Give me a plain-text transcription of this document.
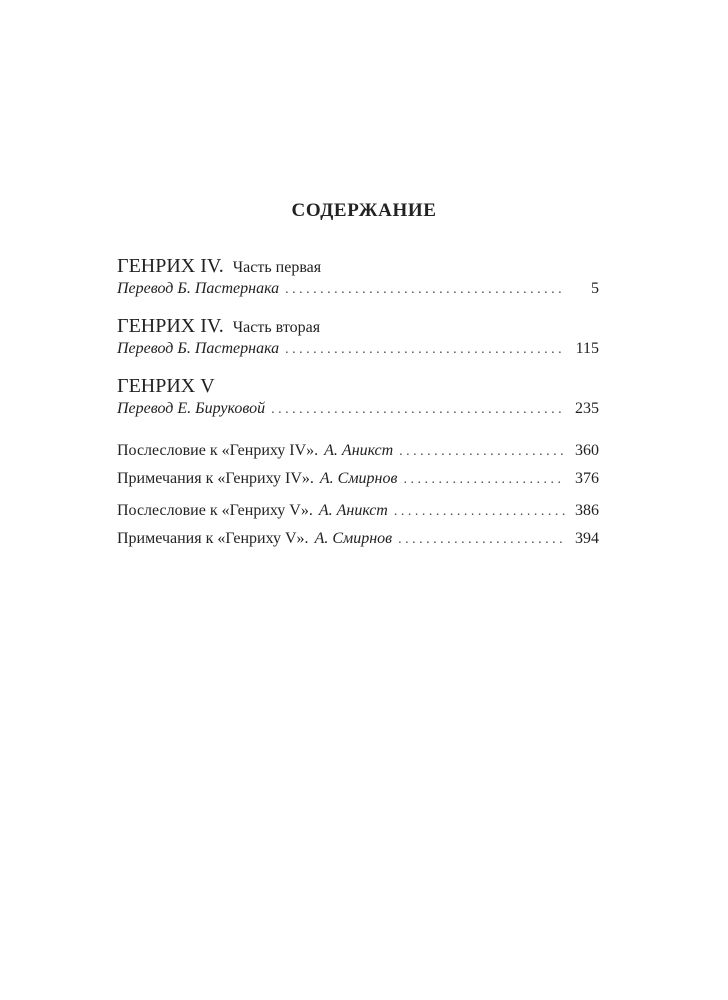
СОДЕРЖАНИЕ
ГЕНРИХ IV. Часть первая
Перевод Б. Пастернака . . .	5
ГЕНРИХ IV. Часть вторая
Перевод Б. Пастернака . . .	115
ГЕНРИХ V
Перевод Е. Бируковой . . .	235
Послесловие к «Генриху IV». А. Аникст . . .	360
Примечания к «Генриху IV». А. Смирнов . . .	376
Послесловие к «Генриху V». А. Аникст . . .	386
Примечания к «Генриху V». А. Смирнов . . .	394
